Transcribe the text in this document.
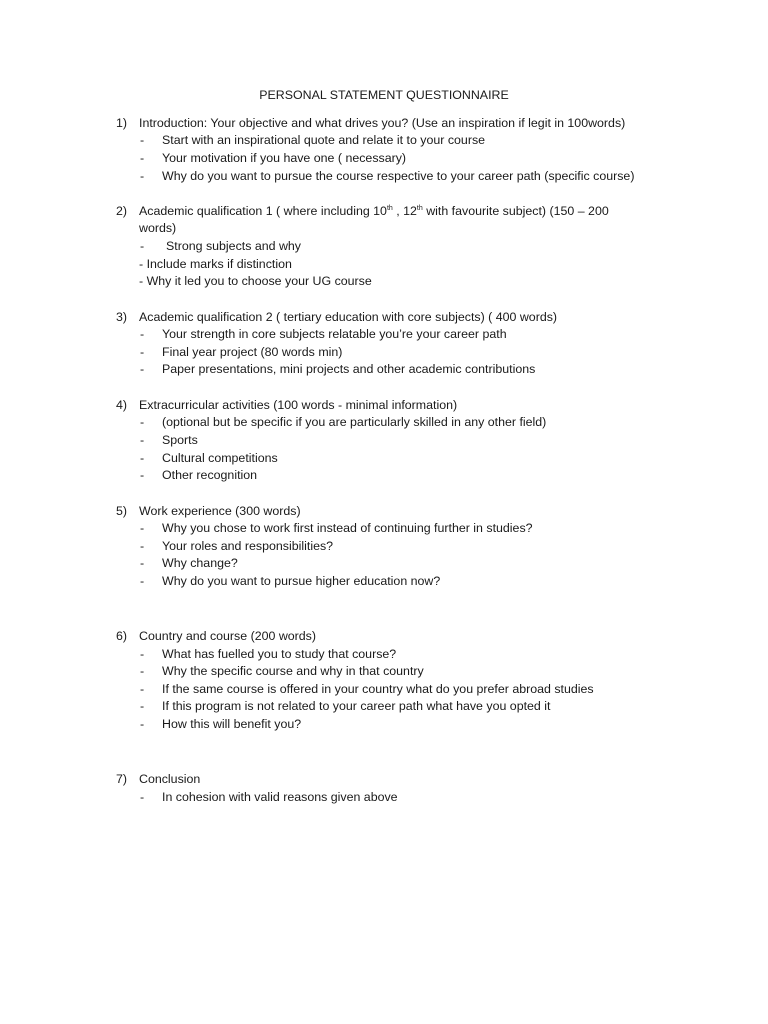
PERSONAL STATEMENT QUESTIONNAIRE
1) Introduction: Your objective and what drives you? (Use an inspiration if legit in 100words)
- Start with an inspirational quote and relate it to your course
- Your motivation if you have one ( necessary)
- Why do you want to pursue the course respective to your career path (specific course)
2) Academic qualification 1 ( where including 10th , 12th with favourite subject) (150 – 200
words)
- Strong subjects and why
- Include marks if distinction
- Why it led you to choose your UG course
3) Academic qualification 2 ( tertiary education with core subjects) ( 400 words)
- Your strength in core subjects relatable you’re your career path
- Final year project (80 words min)
- Paper presentations, mini projects and other academic contributions
4) Extracurricular activities (100 words - minimal information)
- (optional but be specific if you are particularly skilled in any other field)
- Sports
- Cultural competitions
- Other recognition
5) Work experience (300 words)
- Why you chose to work first instead of continuing further in studies?
- Your roles and responsibilities?
- Why change?
- Why do you want to pursue higher education now?
6) Country and course (200 words)
- What has fuelled you to study that course?
- Why the specific course and why in that country
- If the same course is offered in your country what do you prefer abroad studies
- If this program is not related to your career path what have you opted it
- How this will benefit you?
7) Conclusion
- In cohesion with valid reasons given above
